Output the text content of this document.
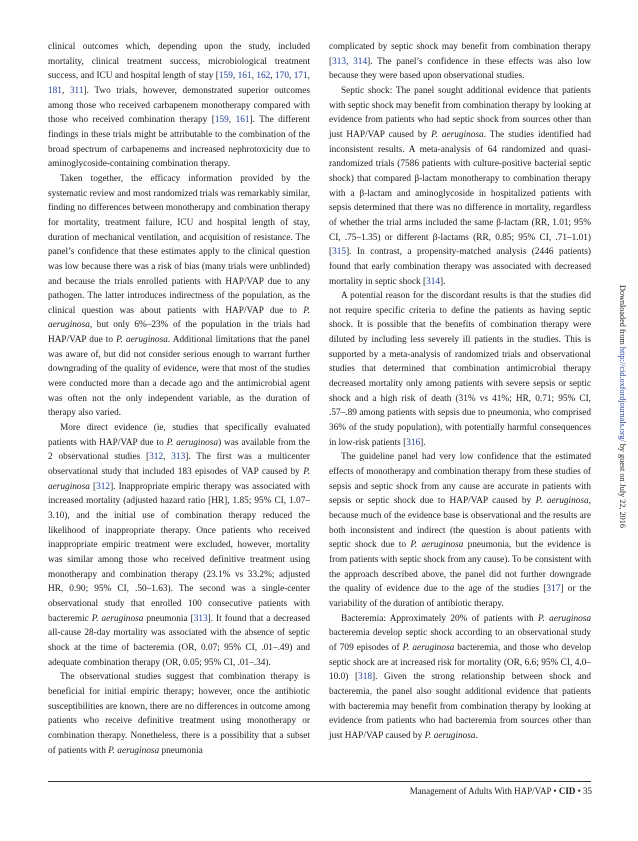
clinical outcomes which, depending upon the study, included mortality, clinical treatment success, microbiological treatment success, and ICU and hospital length of stay [159, 161, 162, 170, 171, 181, 311]. Two trials, however, demonstrated superior outcomes among those who received carbapenem monotherapy compared with those who received combination therapy [159, 161]. The different findings in these trials might be attributable to the combination of the broad spectrum of carbapenems and increased nephrotoxicity due to aminoglycoside-containing combination therapy.

Taken together, the efficacy information provided by the systematic review and most randomized trials was remarkably similar, finding no differences between monotherapy and combination therapy for mortality, treatment failure, ICU and hospital length of stay, duration of mechanical ventilation, and acquisition of resistance. The panel’s confidence that these estimates apply to the clinical question was low because there was a risk of bias (many trials were unblinded) and because the trials enrolled patients with HAP/VAP due to any pathogen. The latter introduces indirectness of the population, as the clinical question was about patients with HAP/VAP due to P. aeruginosa, but only 6%–23% of the population in the trials had HAP/VAP due to P. aeruginosa. Additional limitations that the panel was aware of, but did not consider serious enough to warrant further downgrading of the quality of evidence, were that most of the studies were conducted more than a decade ago and the antimicrobial agent was often not the only independent variable, as the duration of therapy also varied.

More direct evidence (ie, studies that specifically evaluated patients with HAP/VAP due to P. aeruginosa) was available from the 2 observational studies [312, 313]. The first was a multicenter observational study that included 183 episodes of VAP caused by P. aeruginosa [312]. Inappropriate empiric therapy was associated with increased mortality (adjusted hazard ratio [HR], 1.85; 95% CI, 1.07–3.10), and the initial use of combination therapy reduced the likelihood of inappropriate therapy. Once patients who received inappropriate empiric treatment were excluded, however, mortality was similar among those who received definitive treatment using monotherapy and combination therapy (23.1% vs 33.2%; adjusted HR, 0.90; 95% CI, .50–1.63). The second was a single-center observational study that enrolled 100 consecutive patients with bacteremic P. aeruginosa pneumonia [313]. It found that a decreased all-cause 28-day mortality was associated with the absence of septic shock at the time of bacteremia (OR, 0.07; 95% CI, .01–.49) and adequate combination therapy (OR, 0.05; 95% CI, .01–.34).

The observational studies suggest that combination therapy is beneficial for initial empiric therapy; however, once the antibiotic susceptibilities are known, there are no differences in outcome among patients who receive definitive treatment using monotherapy or combination therapy. Nonetheless, there is a possibility that a subset of patients with P. aeruginosa pneumonia

complicated by septic shock may benefit from combination therapy [313, 314]. The panel’s confidence in these effects was also low because they were based upon observational studies.

Septic shock: The panel sought additional evidence that patients with septic shock may benefit from combination therapy by looking at evidence from patients who had septic shock from sources other than just HAP/VAP caused by P. aeruginosa. The studies identified had inconsistent results. A meta-analysis of 64 randomized and quasi-randomized trials (7586 patients with culture-positive bacterial septic shock) that compared β-lactam monotherapy to combination therapy with a β-lactam and aminoglycoside in hospitalized patients with sepsis determined that there was no difference in mortality, regardless of whether the trial arms included the same β-lactam (RR, 1.01; 95% CI, .75–1.35) or different β-lactams (RR, 0.85; 95% CI, .71–1.01) [315]. In contrast, a propensity-matched analysis (2446 patients) found that early combination therapy was associated with decreased mortality in septic shock [314].

A potential reason for the discordant results is that the studies did not require specific criteria to define the patients as having septic shock. It is possible that the benefits of combination therapy were diluted by including less severely ill patients in the studies. This is supported by a meta-analysis of randomized trials and observational studies that determined that combination antimicrobial therapy decreased mortality only among patients with severe sepsis or septic shock and a high risk of death (31% vs 41%; HR, 0.71; 95% CI, .57–.89 among patients with sepsis due to pneumonia, who comprised 36% of the study population), with potentially harmful consequences in low-risk patients [316].

The guideline panel had very low confidence that the estimated effects of monotherapy and combination therapy from these studies of sepsis and septic shock from any cause are accurate in patients with sepsis or septic shock due to HAP/VAP caused by P. aeruginosa, because much of the evidence base is observational and the results are both inconsistent and indirect (the question is about patients with septic shock due to P. aeruginosa pneumonia, but the evidence is from patients with septic shock from any cause). To be consistent with the approach described above, the panel did not further downgrade the quality of evidence due to the age of the studies [317] or the variability of the duration of antibiotic therapy.

Bacteremia: Approximately 20% of patients with P. aeruginosa bacteremia develop septic shock according to an observational study of 709 episodes of P. aeruginosa bacteremia, and those who develop septic shock are at increased risk for mortality (OR, 6.6; 95% CI, 4.0–10.0) [318]. Given the strong relationship between shock and bacteremia, the panel also sought additional evidence that patients with bacteremia may benefit from combination therapy by looking at evidence from patients who had bacteremia from sources other than just HAP/VAP caused by P. aeruginosa.

Downloaded from http://cid.oxfordjournals.org/ by guest on July 22, 2016
Management of Adults With HAP/VAP • CID • 35
